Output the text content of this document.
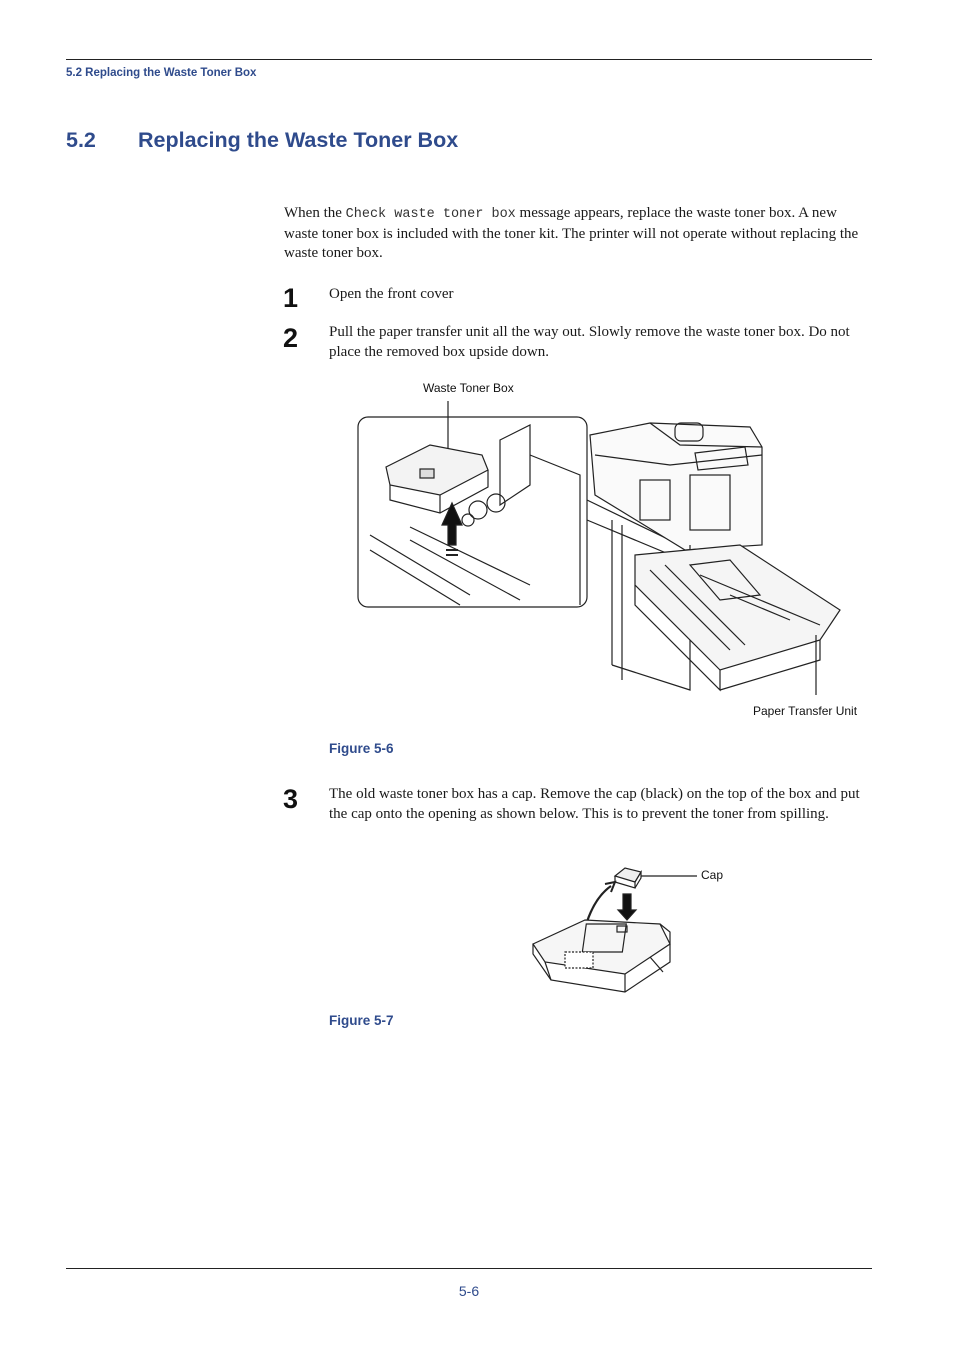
5.2 Replacing the Waste Toner Box
5.2 Replacing the Waste Toner Box
When the Check waste toner box message appears, replace the waste toner box. A new waste toner box is included with the toner kit. The printer will not operate without replacing the waste toner box.
1 Open the front cover
2 Pull the paper transfer unit all the way out. Slowly remove the waste toner box. Do not place the removed box upside down.
Waste Toner Box
Paper Transfer Unit
Figure 5-6
3 The old waste toner box has a cap. Remove the cap (black) on the top of the box and put the cap onto the opening as shown below. This is to prevent the toner from spilling.
Cap
Figure 5-7
5-6
